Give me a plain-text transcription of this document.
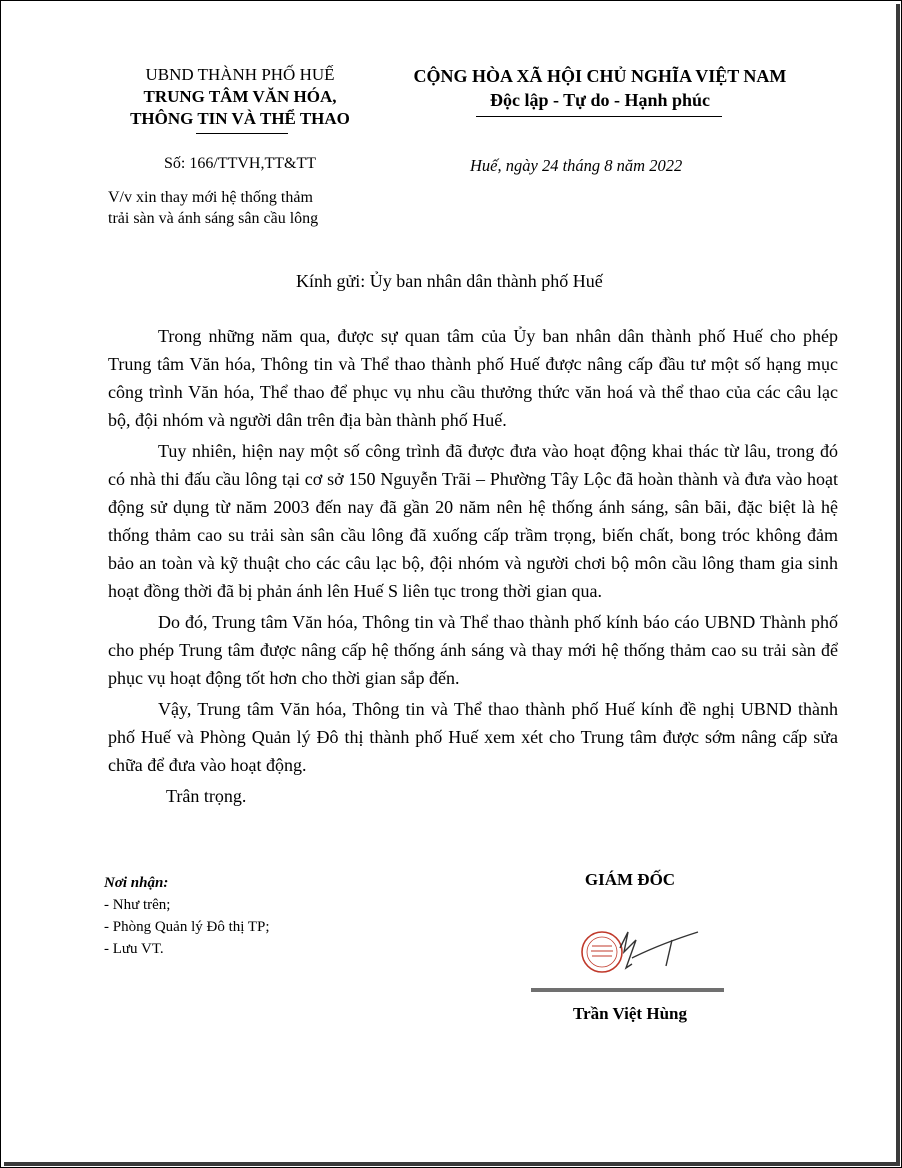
UBND THÀNH PHỐ HUẾ
TRUNG TÂM VĂN HÓA,
THÔNG TIN VÀ THỂ THAO
CỘNG HÒA XÃ HỘI CHỦ NGHĨA VIỆT NAM
Độc lập - Tự do - Hạnh phúc
Số: 166/TTVH,TT&TT	Huế, ngày 24 tháng 8 năm 2022
V/v xin thay mới hệ thống thảm
trải sàn và ánh sáng sân cầu lông
Kính gửi: Ủy ban nhân dân thành phố Huế

Trong những năm qua, được sự quan tâm của Ủy ban nhân dân thành phố Huế cho phép Trung tâm Văn hóa, Thông tin và Thể thao thành phố Huế được nâng cấp đầu tư một số hạng mục công trình Văn hóa, Thể thao để phục vụ nhu cầu thưởng thức văn hoá và thể thao của các câu lạc bộ, đội nhóm và người dân trên địa bàn thành phố Huế.

Tuy nhiên, hiện nay một số công trình đã được đưa vào hoạt động khai thác từ lâu, trong đó có nhà thi đấu cầu lông tại cơ sở 150 Nguyễn Trãi – Phường Tây Lộc đã hoàn thành và đưa vào hoạt động sử dụng từ năm 2003 đến nay đã gần 20 năm nên hệ thống ánh sáng, sân bãi, đặc biệt là hệ thống thảm cao su trải sàn sân cầu lông đã xuống cấp trầm trọng, biến chất, bong tróc không đảm bảo an toàn và kỹ thuật cho các câu lạc bộ, đội nhóm và người chơi bộ môn cầu lông tham gia sinh hoạt đồng thời đã bị phản ánh lên Huế S liên tục trong thời gian qua.

Do đó, Trung tâm Văn hóa, Thông tin và Thể thao thành phố kính báo cáo UBND Thành phố cho phép Trung tâm được nâng cấp hệ thống ánh sáng và thay mới hệ thống thảm cao su trải sàn để phục vụ hoạt động tốt hơn cho thời gian sắp đến.

Vậy, Trung tâm Văn hóa, Thông tin và Thể thao thành phố Huế kính đề nghị UBND thành phố Huế và Phòng Quản lý Đô thị thành phố Huế xem xét cho Trung tâm được sớm nâng cấp sửa chữa để đưa vào hoạt động.

Trân trọng.

Nơi nhận:
- Như trên;
- Phòng Quản lý Đô thị TP;
- Lưu VT.
GIÁM ĐỐC
Trần Việt Hùng
